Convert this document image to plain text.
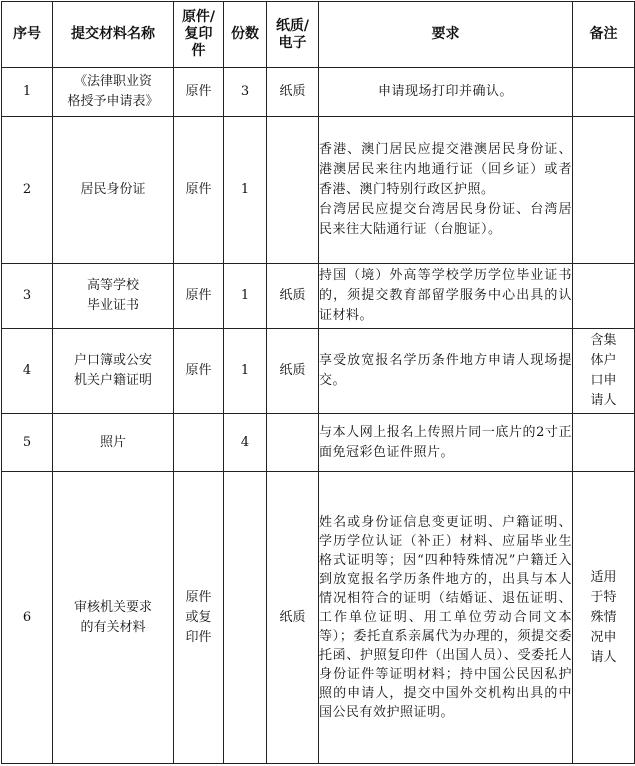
序号	提交材料名称	原件/
复印
件	份数	纸质/
电子	要求	备注

1	《法律职业资
格授予申请表》	原件	3	纸质	申请现场打印并确认。	

2	居民身份证	原件	1		香港、澳门居民应提交港澳居民身份证、港澳居民来往内地通行证（回乡证）或者香港、澳门特别行政区护照。
台湾居民应提交台湾居民身份证、台湾居民来往大陆通行证（台胞证）。	

3	高等学校
毕业证书	原件	1	纸质	持国（境）外高等学校学历学位毕业证书的，须提交教育部留学服务中心出具的认证材料。	

4	户口簿或公安
机关户籍证明	原件	1	纸质	享受放宽报名学历条件地方申请人现场提交。	含集
体户
口申
请人

5	照片		4		与本人网上报名上传照片同一底片的2寸正面免冠彩色证件照片。	

6	审核机关要求
的有关材料	原件
或复
印件		纸质	姓名或身份证信息变更证明、户籍证明、学历学位认证（补正）材料、应届毕业生格式证明等；因“四种特殊情况”户籍迁入到放宽报名学历条件地方的，出具与本人情况相符合的证明（结婚证、退伍证明、工作单位证明、用工单位劳动合同文本等）；委托直系亲属代为办理的，须提交委托函、护照复印件（出国人员）、受委托人身份证件等证明材料；持中国公民因私护照的申请人，提交中国外交机构出具的中国公民有效护照证明。	适用
于特
殊情
况申
请人
